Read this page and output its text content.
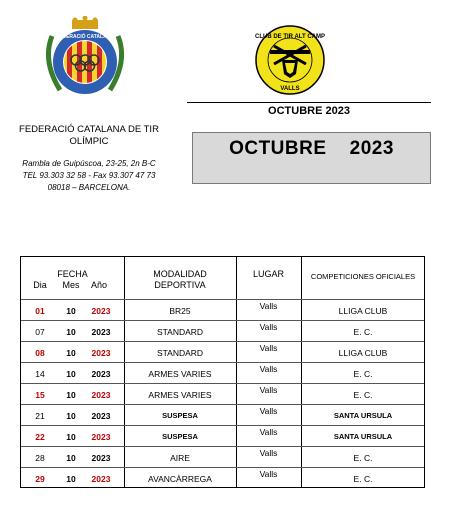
FEDERACIÓ CATALANA	CLUB DE TIR ALT CAMP
VALLS
OCTUBRE 2023
OCTUBRE    2023
FEDERACIÓ CATALANA DE TIR
OLÍMPIC
Rambla de Guipúscoa, 23-25, 2n B-C
TEL 93.303 32 58 - Fax 93.307 47 73
08018 – BARCELONA.
FECHA
Dia	Mes	Año
MODALIDAD
DEPORTIVA
LUGAR	COMPETICIONES OFICIALES
01	10	2023	BR25	Valls	LLIGA CLUB
07	10	2023	STANDARD	Valls	E. C.
08	10	2023	STANDARD	Valls	LLIGA CLUB
14	10	2023	ARMES VARIES	Valls	E. C.
15	10	2023	ARMES VARIES	Valls	E. C.
21	10	2023	SUSPESA	Valls	SANTA URSULA
22	10	2023	SUSPESA	Valls	SANTA URSULA
28	10	2023	AIRE	Valls	E. C.
29	10	2023	AVANCÀRREGA	Valls	E. C.
